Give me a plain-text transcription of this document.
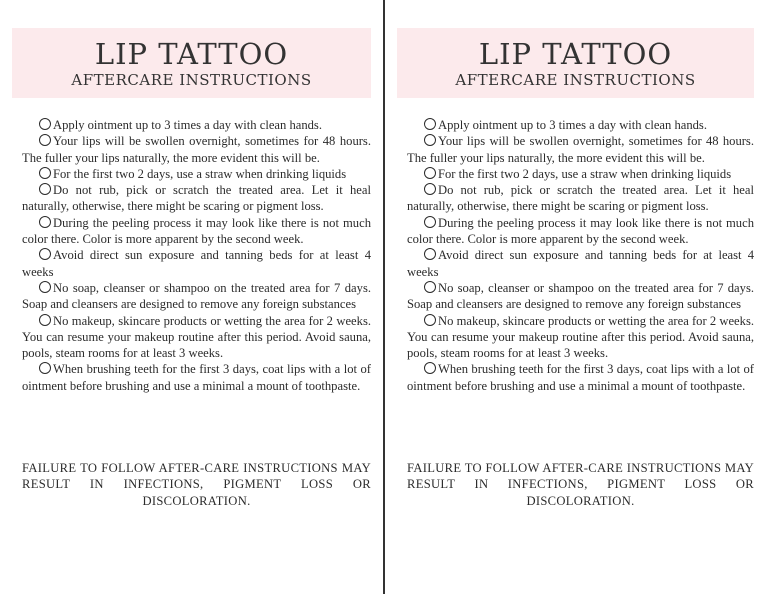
LIP TATTOO
AFTERCARE INSTRUCTIONS
Apply ointment up to 3 times a day with clean hands.
Your lips will be swollen overnight, sometimes for 48 hours. The fuller your lips naturally, the more evident this will be.
For the first two 2 days, use a straw when drinking liquids
Do not rub, pick or scratch the treated area. Let it heal naturally, otherwise, there might be scaring or pigment loss.
During the peeling process it may look like there is not much color there. Color is more apparent by the second week.
Avoid direct sun exposure and tanning beds for at least 4 weeks
No soap, cleanser or shampoo on the treated area for 7 days. Soap and cleansers are designed to remove any foreign substances
No makeup, skincare products or wetting the area for 2 weeks. You can resume your makeup routine after this period. Avoid sauna, pools, steam rooms for at least 3 weeks.
When brushing teeth for the first 3 days, coat lips with a lot of ointment before brushing and use a minimal a mount of toothpaste.
FAILURE TO FOLLOW AFTER-CARE INSTRUCTIONS MAY RESULT IN INFECTIONS, PIGMENT LOSS OR DISCOLORATION.
LIP TATTOO
AFTERCARE INSTRUCTIONS
Apply ointment up to 3 times a day with clean hands.
Your lips will be swollen overnight, sometimes for 48 hours. The fuller your lips naturally, the more evident this will be.
For the first two 2 days, use a straw when drinking liquids
Do not rub, pick or scratch the treated area. Let it heal naturally, otherwise, there might be scaring or pigment loss.
During the peeling process it may look like there is not much color there. Color is more apparent by the second week.
Avoid direct sun exposure and tanning beds for at least 4 weeks
No soap, cleanser or shampoo on the treated area for 7 days. Soap and cleansers are designed to remove any foreign substances
No makeup, skincare products or wetting the area for 2 weeks. You can resume your makeup routine after this period. Avoid sauna, pools, steam rooms for at least 3 weeks.
When brushing teeth for the first 3 days, coat lips with a lot of ointment before brushing and use a minimal a mount of toothpaste.
FAILURE TO FOLLOW AFTER-CARE INSTRUCTIONS MAY RESULT IN INFECTIONS, PIGMENT LOSS OR DISCOLORATION.
